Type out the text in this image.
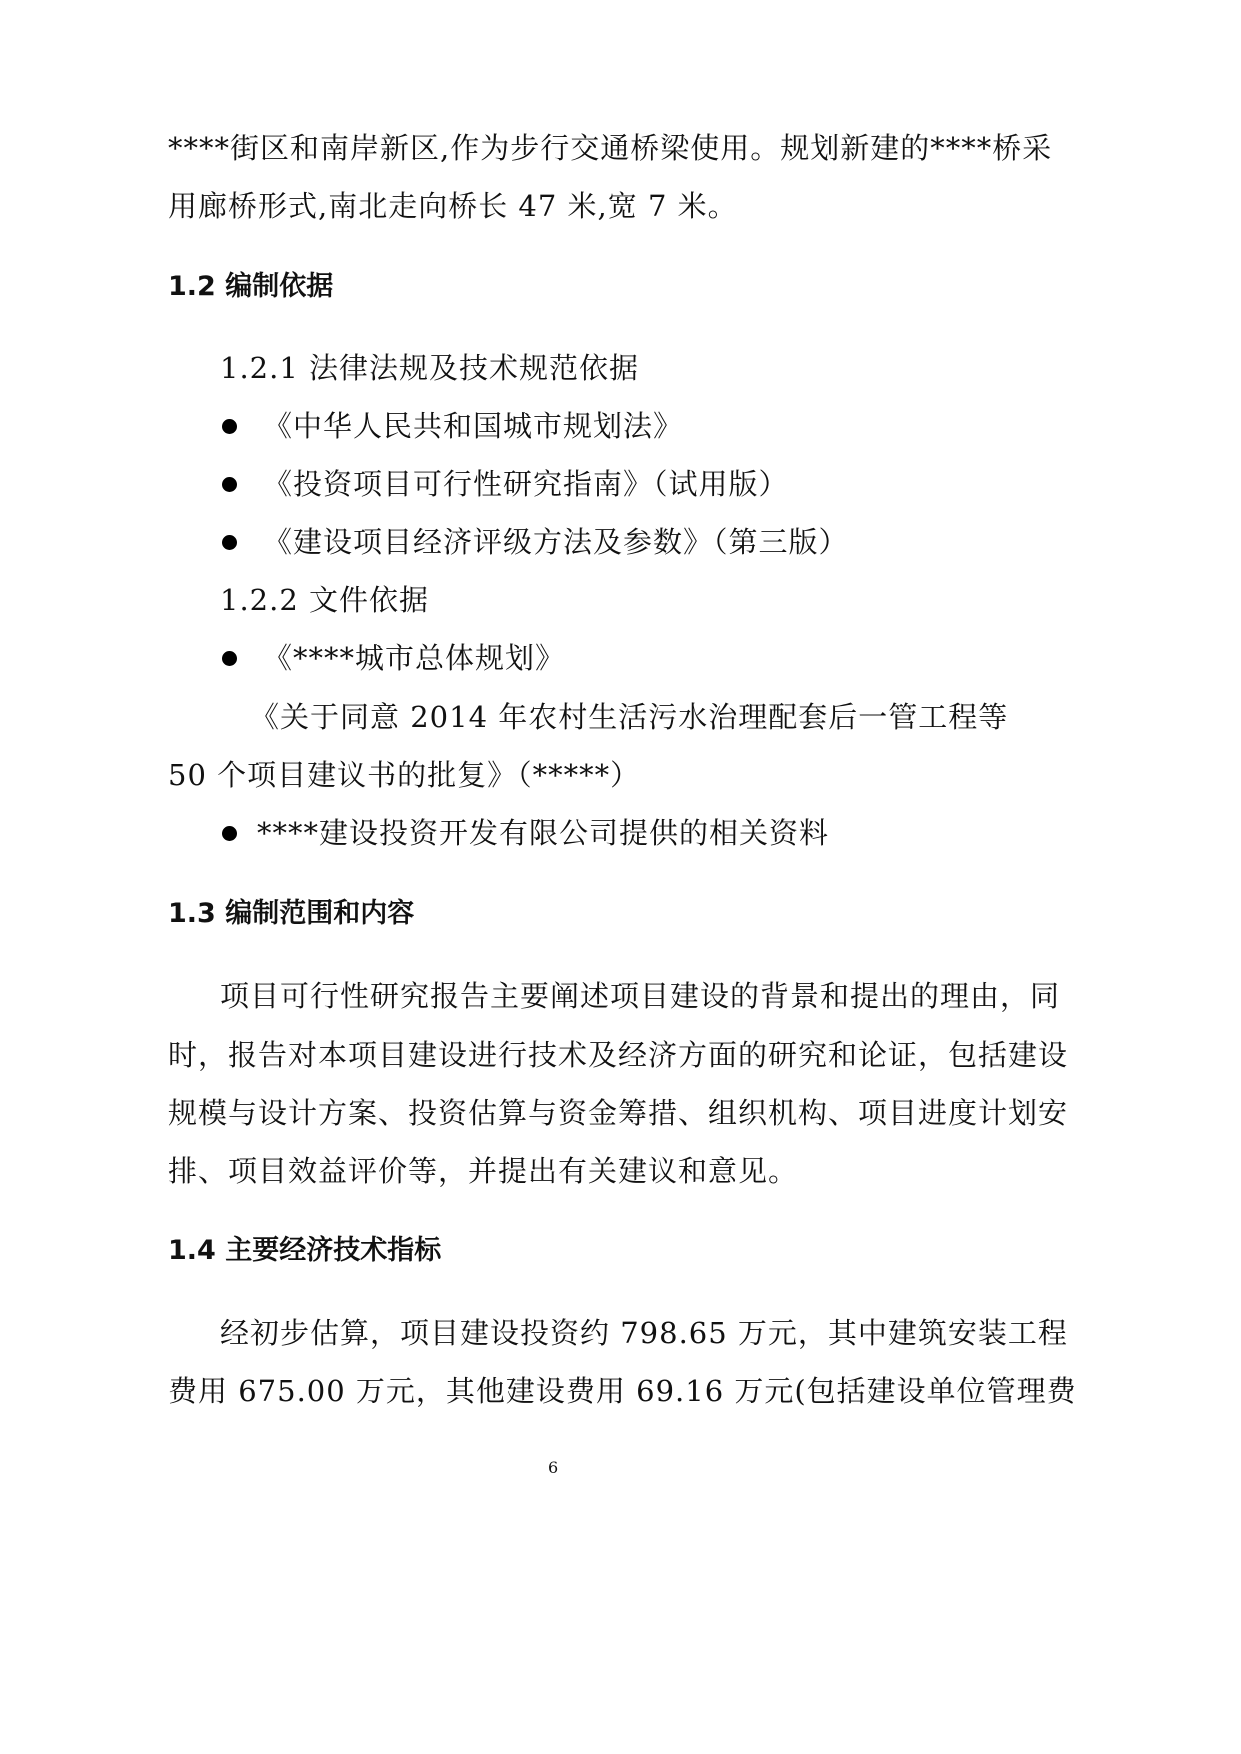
****街区和南岸新区,作为步行交通桥梁使用。规划新建的****桥采
用廊桥形式,南北走向桥长 47 米,宽 7 米。
1.2 编制依据
1.2.1 法律法规及技术规范依据
《中华人民共和国城市规划法》
《投资项目可行性研究指南》（试用版）
《建设项目经济评级方法及参数》（第三版）
1.2.2 文件依据
《****城市总体规划》
《关于同意 2014 年农村生活污水治理配套后一管工程等
50 个项目建议书的批复》（*****）
****建设投资开发有限公司提供的相关资料
1.3 编制范围和内容
项目可行性研究报告主要阐述项目建设的背景和提出的理由，同
时，报告对本项目建设进行技术及经济方面的研究和论证，包括建设
规模与设计方案、投资估算与资金筹措、组织机构、项目进度计划安
排、项目效益评价等，并提出有关建议和意见。
1.4 主要经济技术指标
经初步估算，项目建设投资约 798.65 万元，其中建筑安装工程
费用 675.00 万元，其他建设费用 69.16 万元(包括建设单位管理费
6
